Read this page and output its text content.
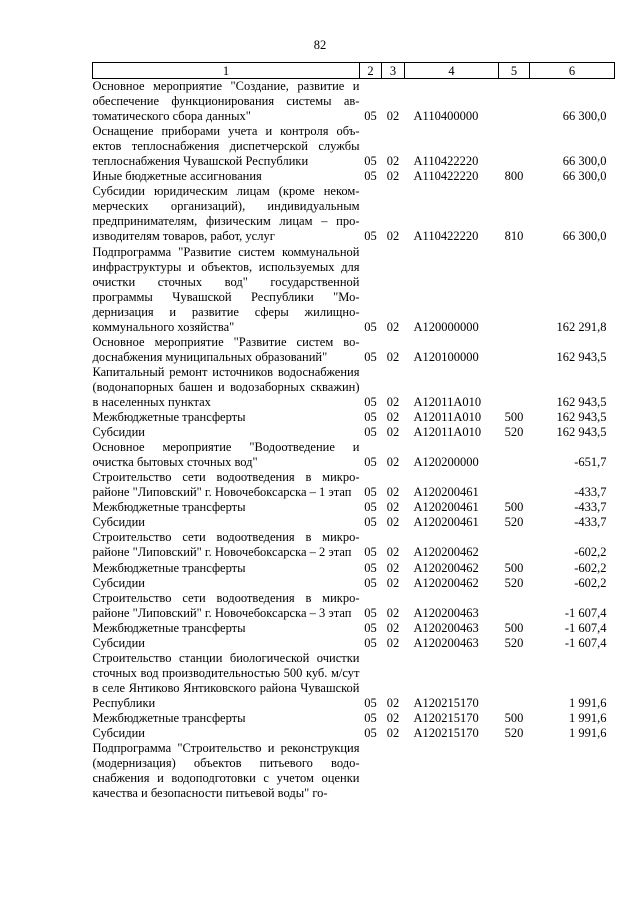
82
1	2	3	4	5	6
Основное мероприятие "Создание, развитие и обеспечение функционирования системы автоматического сбора данных"	05	02	А110400000		66 300,0
Оснащение приборами учета и контроля объектов теплоснабжения диспетчерской службы теплоснабжения Чувашской Республики	05	02	А110422220		66 300,0
Иные бюджетные ассигнования	05	02	А110422220	800	66 300,0
Субсидии юридическим лицам (кроме некоммерческих организаций), индивидуальным предпринимателям, физическим лицам – производителям товаров, работ, услуг	05	02	А110422220	810	66 300,0
Подпрограмма "Развитие систем коммунальной инфраструктуры и объектов, используемых для очистки сточных вод" государственной программы Чувашской Республики "Модернизация и развитие сферы жилищно-коммунального хозяйства"	05	02	А120000000		162 291,8
Основное мероприятие "Развитие систем водоснабжения муниципальных образований"	05	02	А120100000		162 943,5
Капитальный ремонт источников водоснабжения (водонапорных башен и водозаборных скважин) в населенных пунктах	05	02	А12011А010		162 943,5
Межбюджетные трансферты	05	02	А12011А010	500	162 943,5
Субсидии	05	02	А12011А010	520	162 943,5
Основное мероприятие "Водоотведение и очистка бытовых сточных вод"	05	02	А120200000		-651,7
Строительство сети водоотведения в микрорайоне "Липовский" г. Новочебоксарска – 1 этап	05	02	А120200461		-433,7
Межбюджетные трансферты	05	02	А120200461	500	-433,7
Субсидии	05	02	А120200461	520	-433,7
Строительство сети водоотведения в микрорайоне "Липовский" г. Новочебоксарска – 2 этап	05	02	А120200462		-602,2
Межбюджетные трансферты	05	02	А120200462	500	-602,2
Субсидии	05	02	А120200462	520	-602,2
Строительство сети водоотведения в микрорайоне "Липовский" г. Новочебоксарска – 3 этап	05	02	А120200463		-1 607,4
Межбюджетные трансферты	05	02	А120200463	500	-1 607,4
Субсидии	05	02	А120200463	520	-1 607,4
Строительство станции биологической очистки сточных вод производительностью 500 куб. м/сут в селе Янтиково Янтиковского района Чувашской Республики	05	02	А120215170		1 991,6
Межбюджетные трансферты	05	02	А120215170	500	1 991,6
Субсидии	05	02	А120215170	520	1 991,6
Подпрограмма "Строительство и реконструкция (модернизация) объектов питьевого водоснабжения и водоподготовки с учетом оценки качества и безопасности питьевой воды" го-					
